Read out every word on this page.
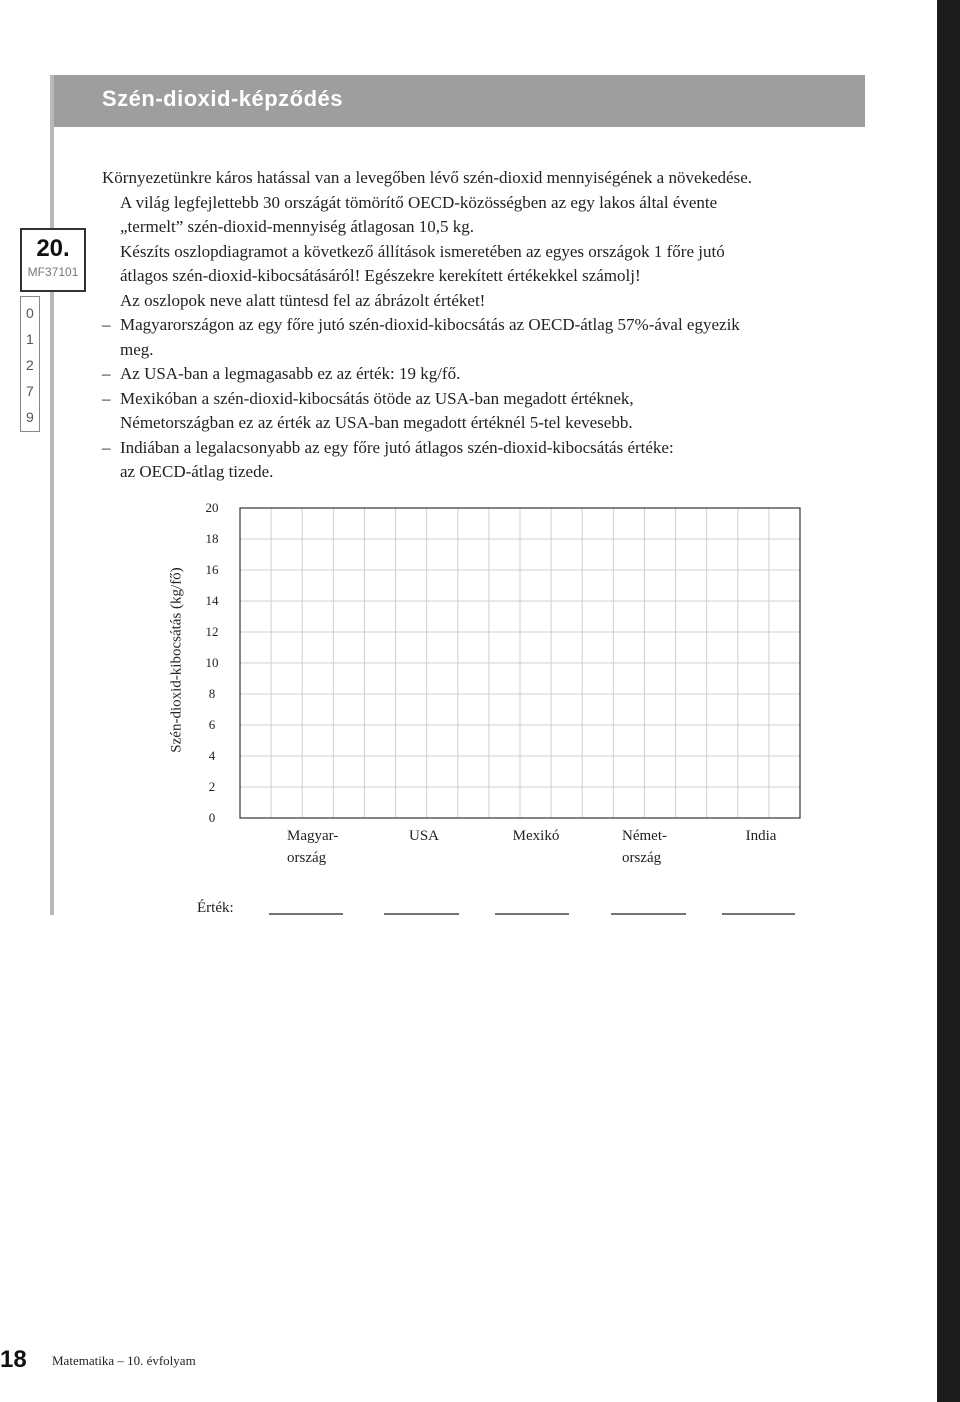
Szén-dioxid-képződés
20.
MF37101
0
1
2
7
9

Környezetünkre káros hatással van a levegőben lévő szén-dioxid mennyiségének a növekedése.

A világ legfejlettebb 30 országát tömörítő OECD-közösségben az egy lakos által évente

„termelt” szén-dioxid-mennyiség átlagosan 10,5 kg.

Készíts oszlopdiagramot a következő állítások ismeretében az egyes országok 1 főre jutó

átlagos szén-dioxid-kibocsátásáról! Egészekre kerekített értékekkel számolj!

Az oszlopok neve alatt tüntesd fel az ábrázolt értéket!

– Magyarországon az egy főre jutó szén-dioxid-kibocsátás az OECD-átlag 57%-ával egyezik

meg.

– Az USA-ban a legmagasabb ez az érték: 19 kg/fő.

– Mexikóban a szén-dioxid-kibocsátás ötöde az USA-ban megadott értéknek,

Németországban ez az érték az USA-ban megadott értéknél 5-tel kevesebb.

– Indiában a legalacsonyabb az egy főre jutó átlagos szén-dioxid-kibocsátás értéke:

az OECD-átlag tizede.

Szén-dioxid-kibocsátás (kg/fő)
0
2
4
6
8
10
12
14
16
18
20
Magyar-
ország
USA	Mexikó	Német-
ország
India
Érték:
18 Matematika – 10. évfolyam
